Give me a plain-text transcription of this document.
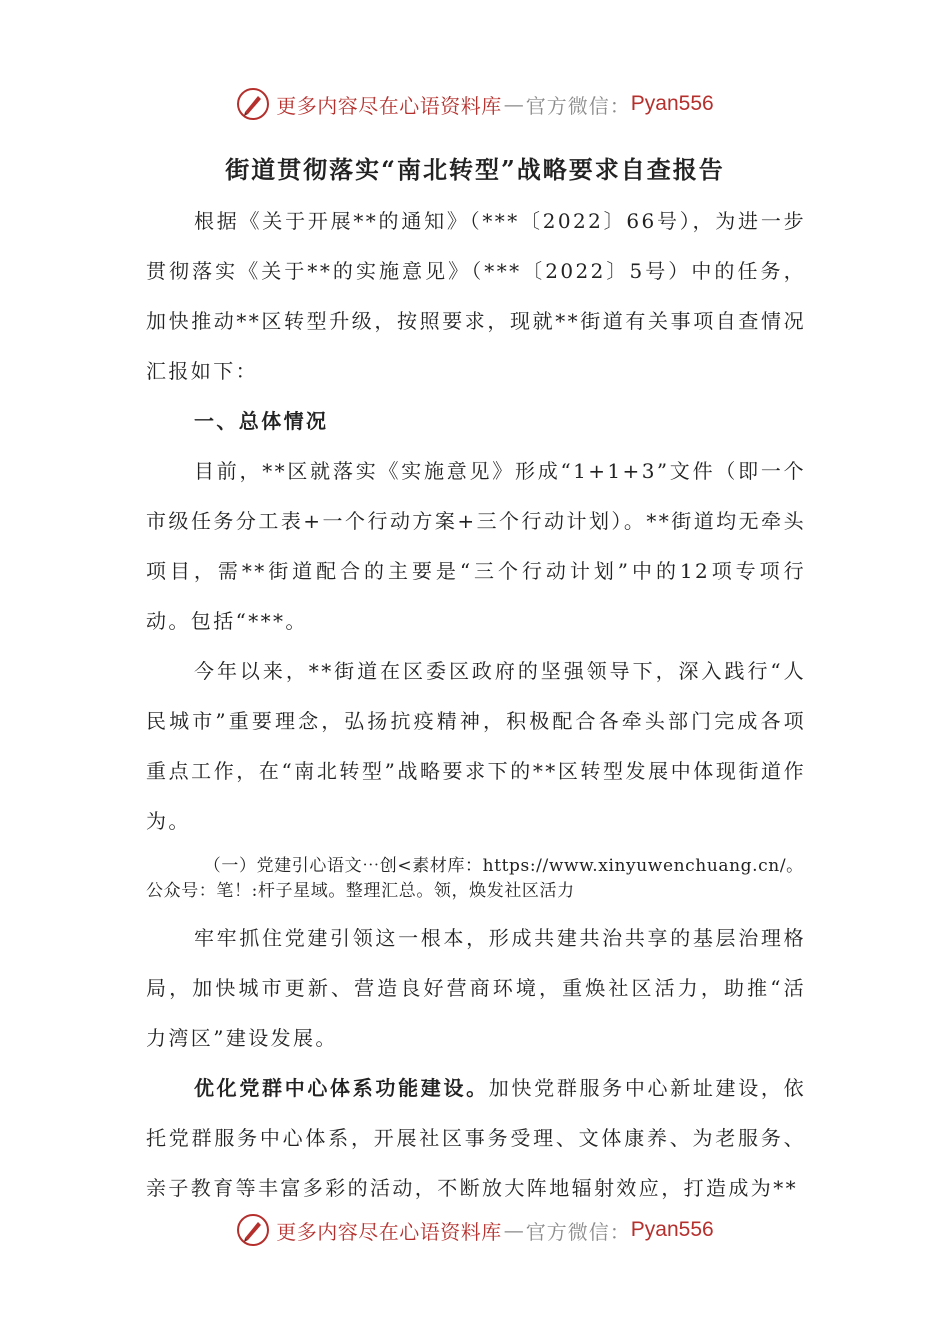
更多内容尽在心语资料库 — 官方微信： Pyan556
街道贯彻落实“南北转型”战略要求自查报告

根据《关于开展**的通知》（***〔2022〕66号），为进一步贯彻落实《关于**的实施意见》（***〔2022〕5号）中的任务，加快推动**区转型升级，按照要求，现就**街道有关事项自查情况汇报如下：

一、总体情况

目前，**区就落实《实施意见》形成“1+1+3”文件（即一个市级任务分工表+一个行动方案+三个行动计划）。**街道均无牵头项目，需**街道配合的主要是“三个行动计划”中的12项专项行动。包括“***。

今年以来，**街道在区委区政府的坚强领导下，深入践行“人民城市”重要理念，弘扬抗疫精神，积极配合各牵头部门完成各项重点工作，在“南北转型”战略要求下的**区转型发展中体现街道作为。

（一）党建引心语文⋯创<素材库：https://www.xinyuwenchuang.cn/。

公众号：笔！:杆子星域。整理汇总。领，焕发社区活力

牢牢抓住党建引领这一根本，形成共建共治共享的基层治理格局，加快城市更新、营造良好营商环境，重焕社区活力，助推“活力湾区”建设发展。

优化党群中心体系功能建设。加快党群服务中心新址建设，依托党群服务中心体系，开展社区事务受理、文体康养、为老服务、亲子教育等丰富多彩的活动，不断放大阵地辐射效应，打造成为**

更多内容尽在心语资料库 — 官方微信： Pyan556
